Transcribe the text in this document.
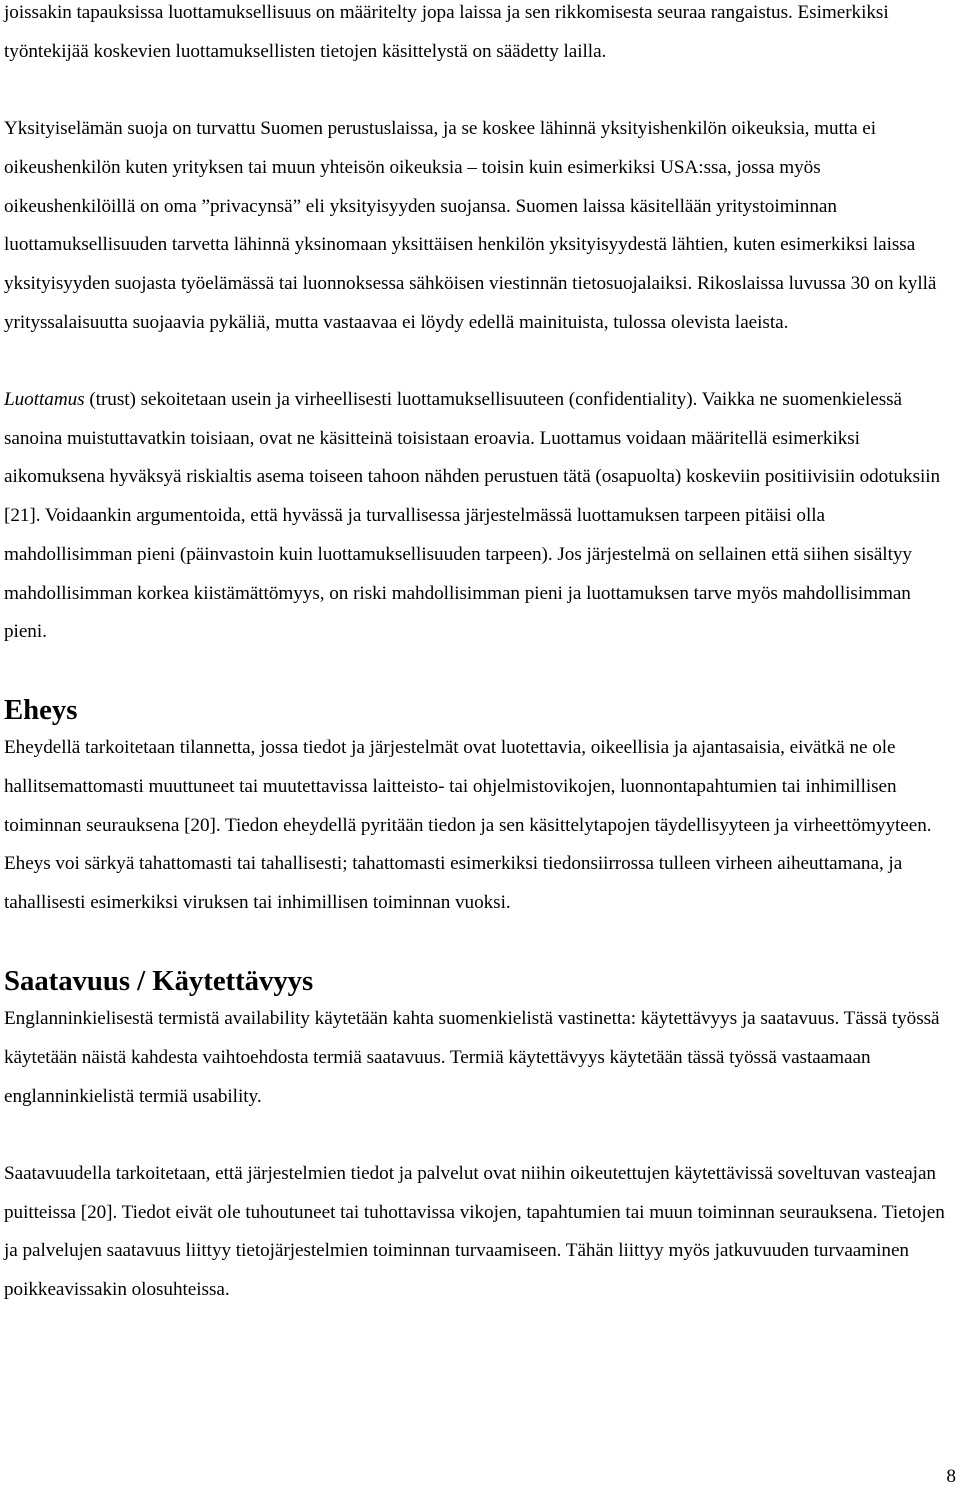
joissakin tapauksissa luottamuksellisuus on määritelty jopa laissa ja sen rikkomisesta seuraa rangaistus. Esimerkiksi työntekijää koskevien luottamuksellisten tietojen käsittelystä on säädetty lailla.

Yksityiselämän suoja on turvattu Suomen perustuslaissa, ja se koskee lähinnä yksityishenkilön oikeuksia, mutta ei oikeushenkilön kuten yrityksen tai muun yhteisön oikeuksia – toisin kuin esimerkiksi USA:ssa, jossa myös oikeushenkilöillä on oma ”privacynsä” eli yksityisyyden suojansa. Suomen laissa käsitellään yritystoiminnan luottamuksellisuuden tarvetta lähinnä yksinomaan yksittäisen henkilön yksityisyydestä lähtien, kuten esimerkiksi laissa yksityisyyden suojasta työelämässä tai luonnoksessa sähköisen viestinnän tietosuojalaiksi. Rikoslaissa luvussa 30 on kyllä yrityssalaisuutta suojaavia pykäliä, mutta vastaavaa ei löydy edellä mainituista, tulossa olevista laeista.

Luottamus (trust) sekoitetaan usein ja virheellisesti luottamuksellisuuteen (confidentiality). Vaikka ne suomenkielessä sanoina muistuttavatkin toisiaan, ovat ne käsitteinä toisistaan eroavia. Luottamus voidaan määritellä esimerkiksi aikomuksena hyväksyä riskialtis asema toiseen tahoon nähden perustuen tätä (osapuolta) koskeviin positiivisiin odotuksiin [21]. Voidaankin argumentoida, että hyvässä ja turvallisessa järjestelmässä luottamuksen tarpeen pitäisi olla mahdollisimman pieni (päinvastoin kuin luottamuksellisuuden tarpeen). Jos järjestelmä on sellainen että siihen sisältyy mahdollisimman korkea kiistämättömyys, on riski mahdollisimman pieni ja luottamuksen tarve myös mahdollisimman pieni.

Eheys

Eheydellä tarkoitetaan tilannetta, jossa tiedot ja järjestelmät ovat luotettavia, oikeellisia ja ajantasaisia, eivätkä ne ole hallitsemattomasti muuttuneet tai muutettavissa laitteisto- tai ohjelmistovikojen, luonnontapahtumien tai inhimillisen toiminnan seurauksena [20]. Tiedon eheydellä pyritään tiedon ja sen käsittelytapojen täydellisyyteen ja virheettömyyteen. Eheys voi särkyä tahattomasti tai tahallisesti; tahattomasti esimerkiksi tiedonsiirrossa tulleen virheen aiheuttamana, ja tahallisesti esimerkiksi viruksen tai inhimillisen toiminnan vuoksi.

Saatavuus / Käytettävyys

Englanninkielisestä termistä availability käytetään kahta suomenkielistä vastinetta: käytettävyys ja saatavuus. Tässä työssä käytetään näistä kahdesta vaihtoehdosta termiä saatavuus. Termiä käytettävyys käytetään tässä työssä vastaamaan englanninkielistä termiä usability.

Saatavuudella tarkoitetaan, että järjestelmien tiedot ja palvelut ovat niihin oikeutettujen käytettävissä soveltuvan vasteajan puitteissa [20]. Tiedot eivät ole tuhoutuneet tai tuhottavissa vikojen, tapahtumien tai muun toiminnan seurauksena. Tietojen ja palvelujen saatavuus liittyy tietojärjestelmien toiminnan turvaamiseen. Tähän liittyy myös jatkuvuuden turvaaminen poikkeavissakin olosuhteissa.

8
